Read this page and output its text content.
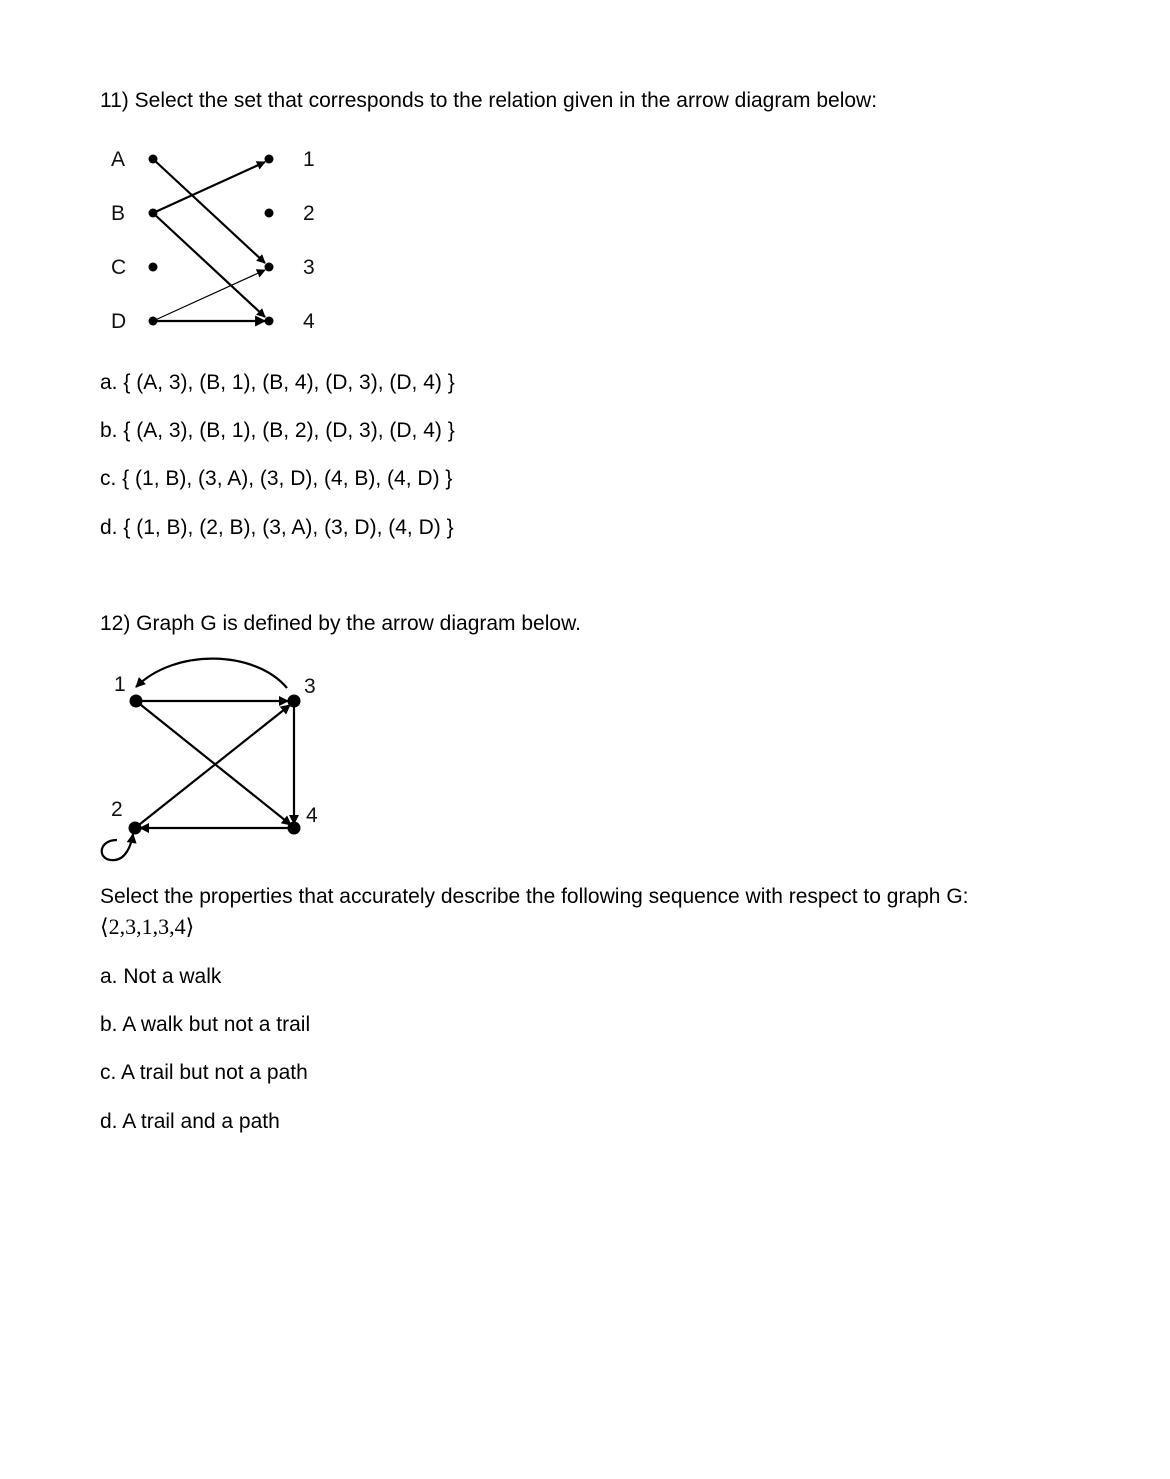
11) Select the set that corresponds to the relation given in the arrow diagram below:
A
B
C
D
1
2
3
4
a. { (A, 3), (B, 1), (B, 4), (D, 3), (D, 4) }
b. { (A, 3), (B, 1), (B, 2), (D, 3), (D, 4) }
c. { (1, B), (3, A), (3, D), (4, B), (4, D) }
d. { (1, B), (2, B), (3, A), (3, D), (4, D) }
12) Graph G is defined by the arrow diagram below.
1
2
3
4
Select the properties that accurately describe the following sequence with respect to graph G:
⟨2,3,1,3,4⟩
a. Not a walk
b. A walk but not a trail
c. A trail but not a path
d. A trail and a path
